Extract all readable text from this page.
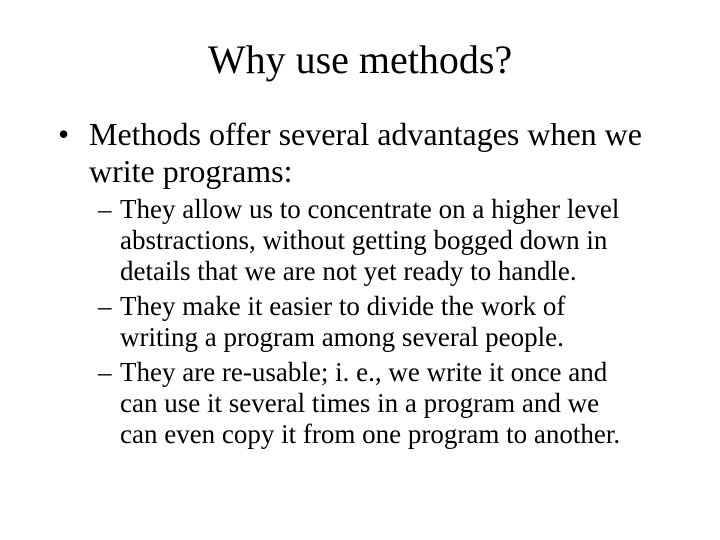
Why use methods?
• Methods offer several advantages when we
write programs:
– They allow us to concentrate on a higher level
abstractions, without getting bogged down in
details that we are not yet ready to handle.
– They make it easier to divide the work of
writing a program among several people.
– They are re-usable; i. e., we write it once and
can use it several times in a program and we
can even copy it from one program to another.
